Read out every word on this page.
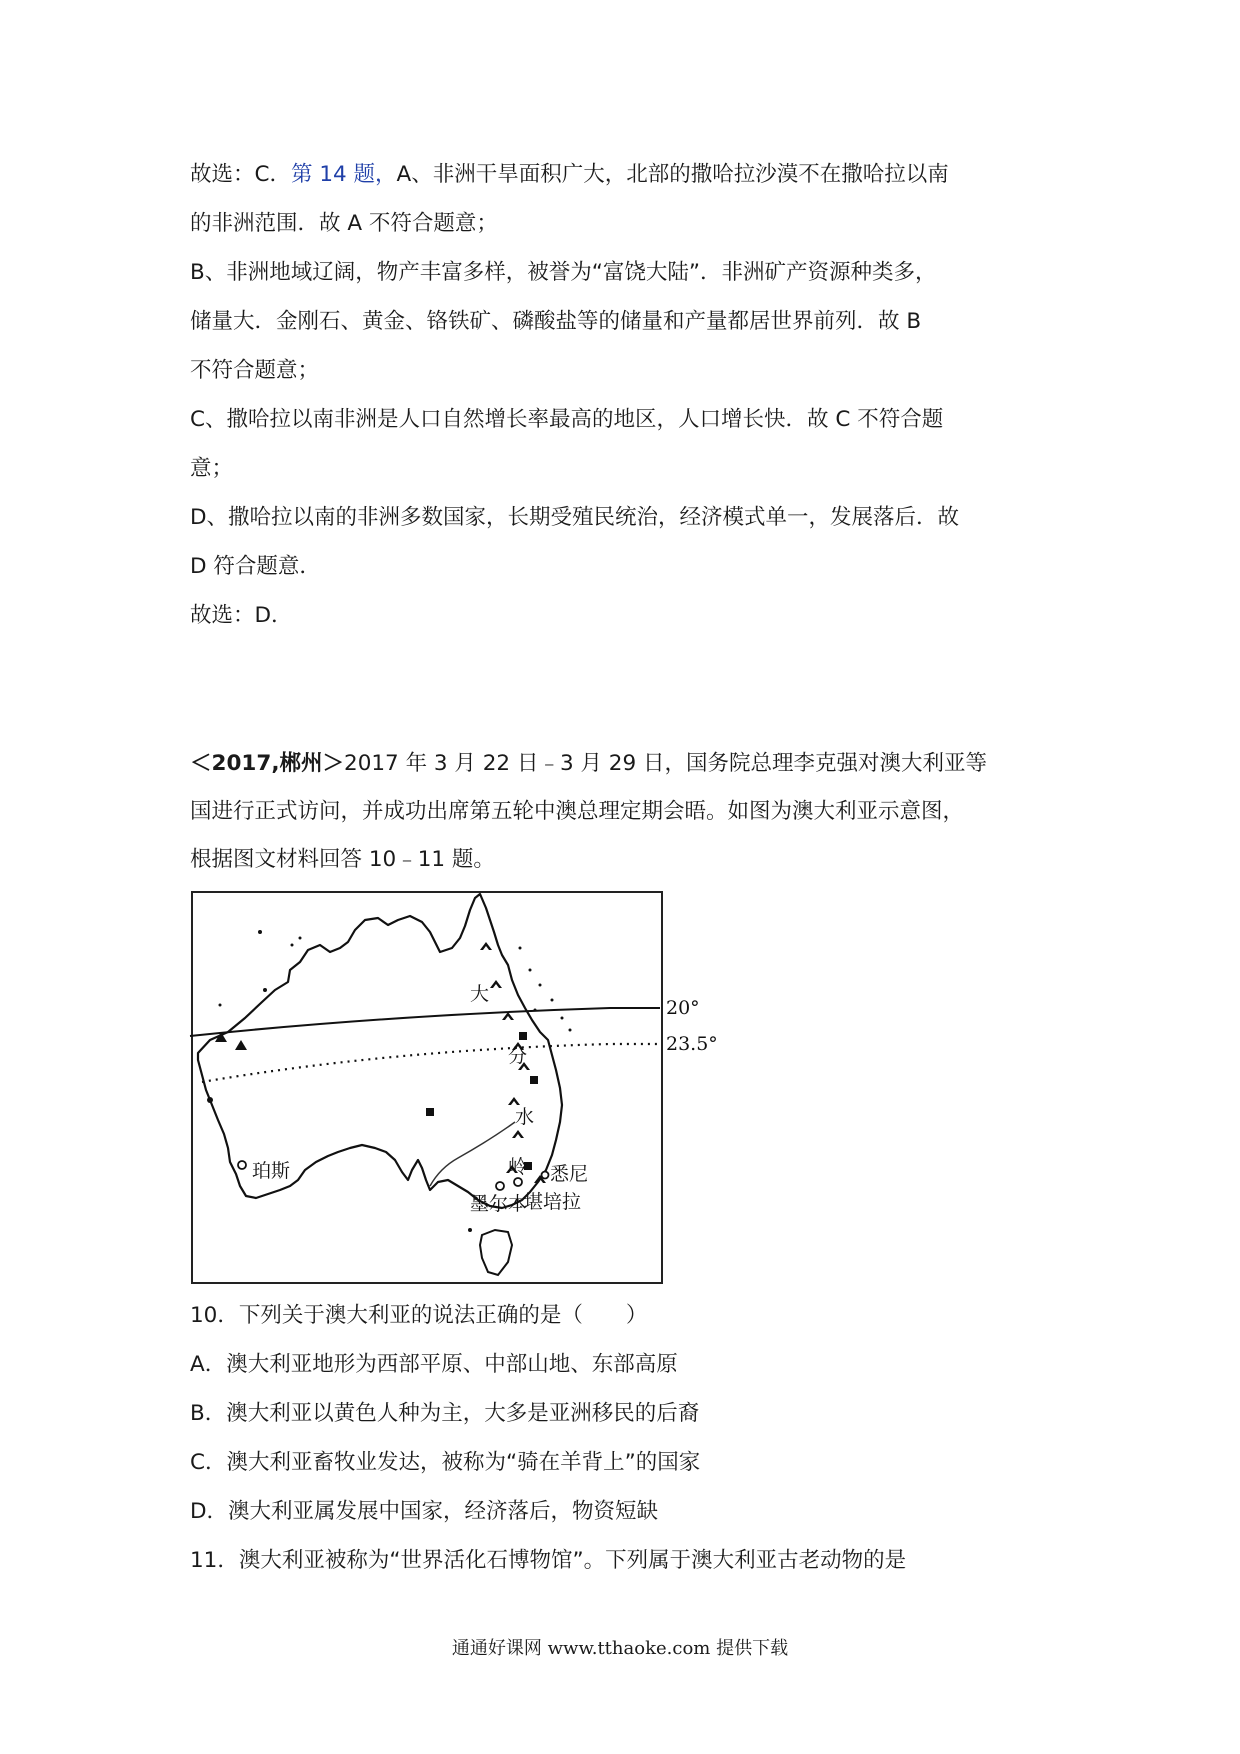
故选：C．第 14 题，A、非洲干旱面积广大，北部的撒哈拉沙漠不在撒哈拉以南
的非洲范围．故 A 不符合题意；
B、非洲地域辽阔，物产丰富多样，被誉为“富饶大陆”．非洲矿产资源种类多，
储量大．金刚石、黄金、铬铁矿、磷酸盐等的储量和产量都居世界前列．故 B
不符合题意；
C、撒哈拉以南非洲是人口自然增长率最高的地区，人口增长快．故 C 不符合题
意；
D、撒哈拉以南的非洲多数国家，长期受殖民统治，经济模式单一，发展落后．故
D 符合题意．
故选：D．
＜2017,郴州＞2017 年 3 月 22 日﹣3 月 29 日，国务院总理李克强对澳大利亚等
国进行正式访问，并成功出席第五轮中澳总理定期会晤。如图为澳大利亚示意图，
根据图文材料回答 10﹣11 题。
20°
23.5°
大
分
水
岭
珀斯	悉尼
墨尔本
堪培拉
10．下列关于澳大利亚的说法正确的是（　　）
A．澳大利亚地形为西部平原、中部山地、东部高原
B．澳大利亚以黄色人种为主，大多是亚洲移民的后裔
C．澳大利亚畜牧业发达，被称为“骑在羊背上”的国家
D．澳大利亚属发展中国家，经济落后，物资短缺
11．澳大利亚被称为“世界活化石博物馆”。下列属于澳大利亚古老动物的是
通通好课网 www.tthaoke.com 提供下载
